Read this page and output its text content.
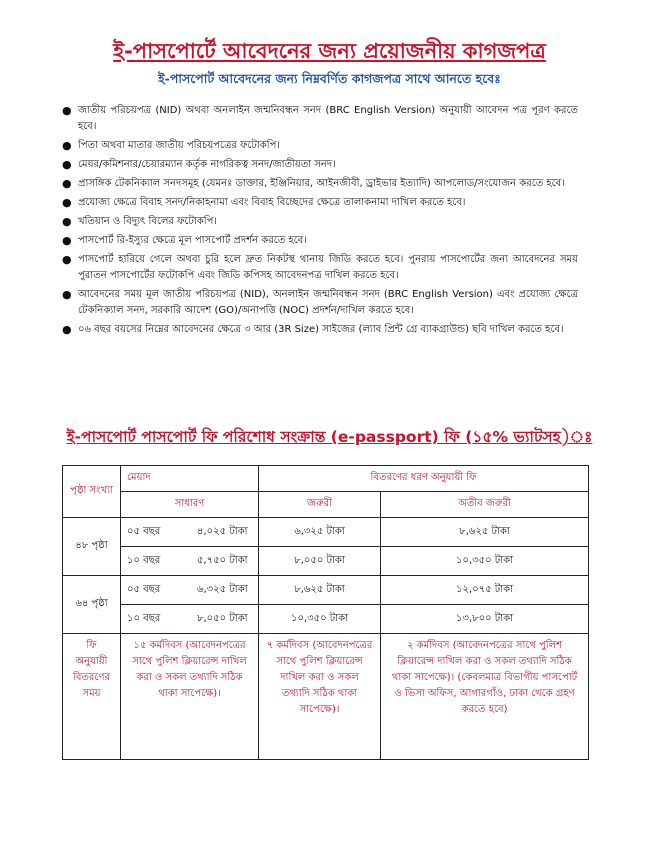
ই-পাসপোর্টে আবেদনের জন্য প্রয়োজনীয় কাগজপত্র
ই-পাসপোর্ট আবেদনের জন্য নিম্নবর্ণিত কাগজপত্র সাথে আনতে হবেঃ
● জাতীয় পরিচয়পত্র (NID) অথবা অনলাইন জন্মনিবন্ধন সনদ (BRC English Version) অনুযায়ী আবেদন পত্র পূরণ করতে হবে।
● পিতা অথবা মাতার জাতীয় পরিচয়পত্রের ফটোকপি।
● মেয়র/কমিশনার/চেয়ারম্যান কর্তৃক নাগরিকত্ব সনদ/জাতীয়তা সনদ।
● প্রাসঙ্গিক টেকনিক্যাল সনদসমূহ (যেমনঃ ডাক্তার, ইঞ্জিনিয়ার, আইনজীবী, ড্রাইভার ইত্যাদি) আপলোড/সংযোজন করতে হবে।
● প্রযোজ্য ক্ষেত্রে বিবাহ সনদ/নিকাহনামা এবং বিবাহ বিচ্ছেদের ক্ষেত্রে তালাকনামা দাখিল করতে হবে।
● খতিয়ান ও বিদ্যুৎ বিলের ফটোকপি।
● পাসপোর্ট রি-ইস্যুর ক্ষেত্রে মূল পাসপোর্ট প্রদর্শন করতে হবে।
● পাসপোর্ট হারিয়ে গেলে অথবা চুরি হলে দ্রুত নিকটস্থ থানায় জিডি করতে হবে। পুনরায় পাসপোর্টের জন্য আবেদনের সময় পুরাতন পাসপোর্টের ফটোকপি এবং জিডি কপিসহ আবেদনপত্র দাখিল করতে হবে।
● আবেদনের সময় মূল জাতীয় পরিচয়পত্র (NID), অনলাইন জন্মনিবন্ধন সনদ (BRC English Version) এবং প্রযোজ্য ক্ষেত্রে টেকনিক্যাল সনদ, সরকারি আদেশ (GO)/অনাপত্তি (NOC) প্রদর্শন/দাখিল করতে হবে।
● ০৬ বছর বয়সের নিম্নের আবেদনের ক্ষেত্রে ৩ আর (3R Size) সাইজের (ল্যাব প্রিন্ট গ্রে ব্যাকগ্রাউন্ড) ছবি দাখিল করতে হবে।
ই-পাসপোর্ট পাসপোর্ট ফি পরিশোধ সংক্রান্ত (e-passport) ফি (১৫% ভ্যাটসহ)ঃ
পৃষ্ঠা সংখ্যা	মেয়াদ	বিতরণের ধরণ অনুযায়ী ফি	
	সাধারণ	জরুরী	অতীব জরুরী
৪৮ পৃষ্ঠা	০৫ বছর ৪,০২৫ টাকা	৬,৩২৫ টাকা	৮,৬২৫ টাকা
	১০ বছর ৫,৭৫০ টাকা	৮,০৫০ টাকা	১০,৩৫০ টাকা
৬৪ পৃষ্ঠা	০৫ বছর ৬,৩২৫ টাকা	৮,৬২৫ টাকা	১২,০৭৫ টাকা
	১০ বছর ৮,০৫০ টাকা	১০,৩৫০ টাকা	১৩,৮০০ টাকা
ফি অনুযায়ী বিতরণের সময়	১৫ কর্মদিবস (আবেদনপত্রের সাথে পুলিশ ক্লিয়ারেন্স দাখিল করা ও সকল তথ্যাদি সঠিক থাকা সাপেক্ষে)।	৭ কর্মদিবস (আবেদনপত্রের সাথে পুলিশ ক্লিয়ারেন্স দাখিল করা ও সকল তথ্যাদি সঠিক থাকা সাপেক্ষে)।	২ কর্মদিবস (আবেদনপত্রের সাথে পুলিশ ক্লিয়ারেন্স দাখিল করা ও সকল তথ্যাদি সঠিক থাকা সাপেক্ষে)। (কেবলমাত্র বিভাগীয় পাসপোর্ট ও ভিসা অফিস, আগারগাঁও, ঢাকা থেকে গ্রহণ করতে হবে)
